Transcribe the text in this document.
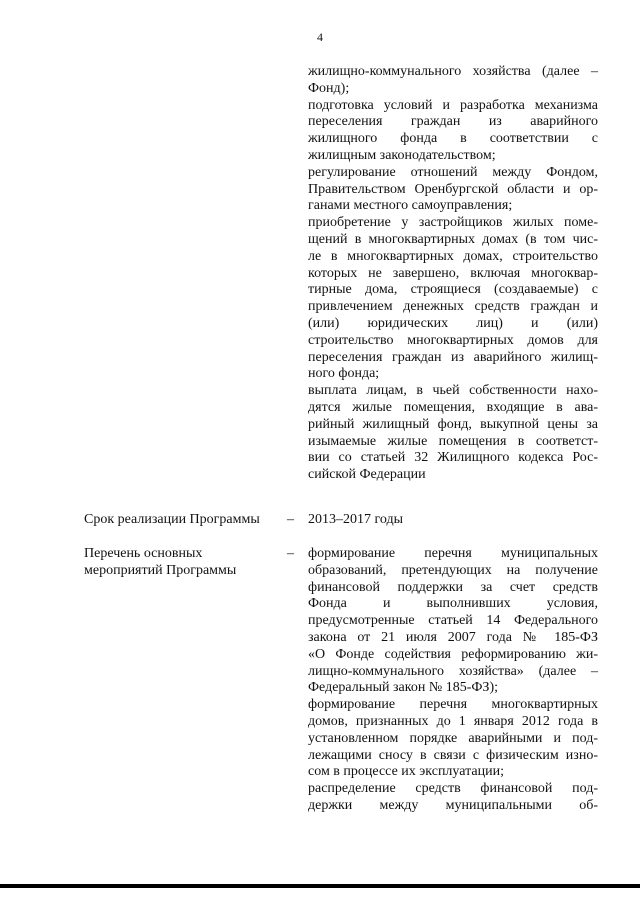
4
жилищно-коммунального хозяйства (далее –
Фонд);
подготовка условий и разработка механизма
переселения граждан из аварийного
жилищного фонда в соответствии с
жилищным законодательством;
регулирование отношений между Фондом,
Правительством Оренбургской области и ор-
ганами местного самоуправления;
приобретение у застройщиков жилых поме-
щений в многоквартирных домах (в том чис-
ле в многоквартирных домах, строительство
которых не завершено, включая многоквар-
тирные дома, строящиеся (создаваемые) с
привлечением денежных средств граждан и
(или) юридических лиц) и (или)
строительство многоквартирных домов для
переселения граждан из аварийного жилищ-
ного фонда;
выплата лицам, в чьей собственности нахо-
дятся жилые помещения, входящие в ава-
рийный жилищный фонд, выкупной цены за
изымаемые жилые помещения в соответст-
вии со статьей 32 Жилищного кодекса Рос-
сийской Федерации
Срок реализации Программы	– 2013–2017 годы
Перечень основных
мероприятий Программы
– формирование перечня муниципальных
образований, претендующих на получение
финансовой поддержки за счет средств
Фонда и выполнивших условия,
предусмотренные статьей 14 Федерального
закона от 21 июля 2007 года № 185-ФЗ
«О Фонде содействия реформированию жи-
лищно-коммунального хозяйства» (далее –
Федеральный закон № 185-ФЗ);
формирование перечня многоквартирных
домов, признанных до 1 января 2012 года в
установленном порядке аварийными и под-
лежащими сносу в связи с физическим изно-
сом в процессе их эксплуатации;
распределение средств финансовой под-
держки между муниципальными об-
